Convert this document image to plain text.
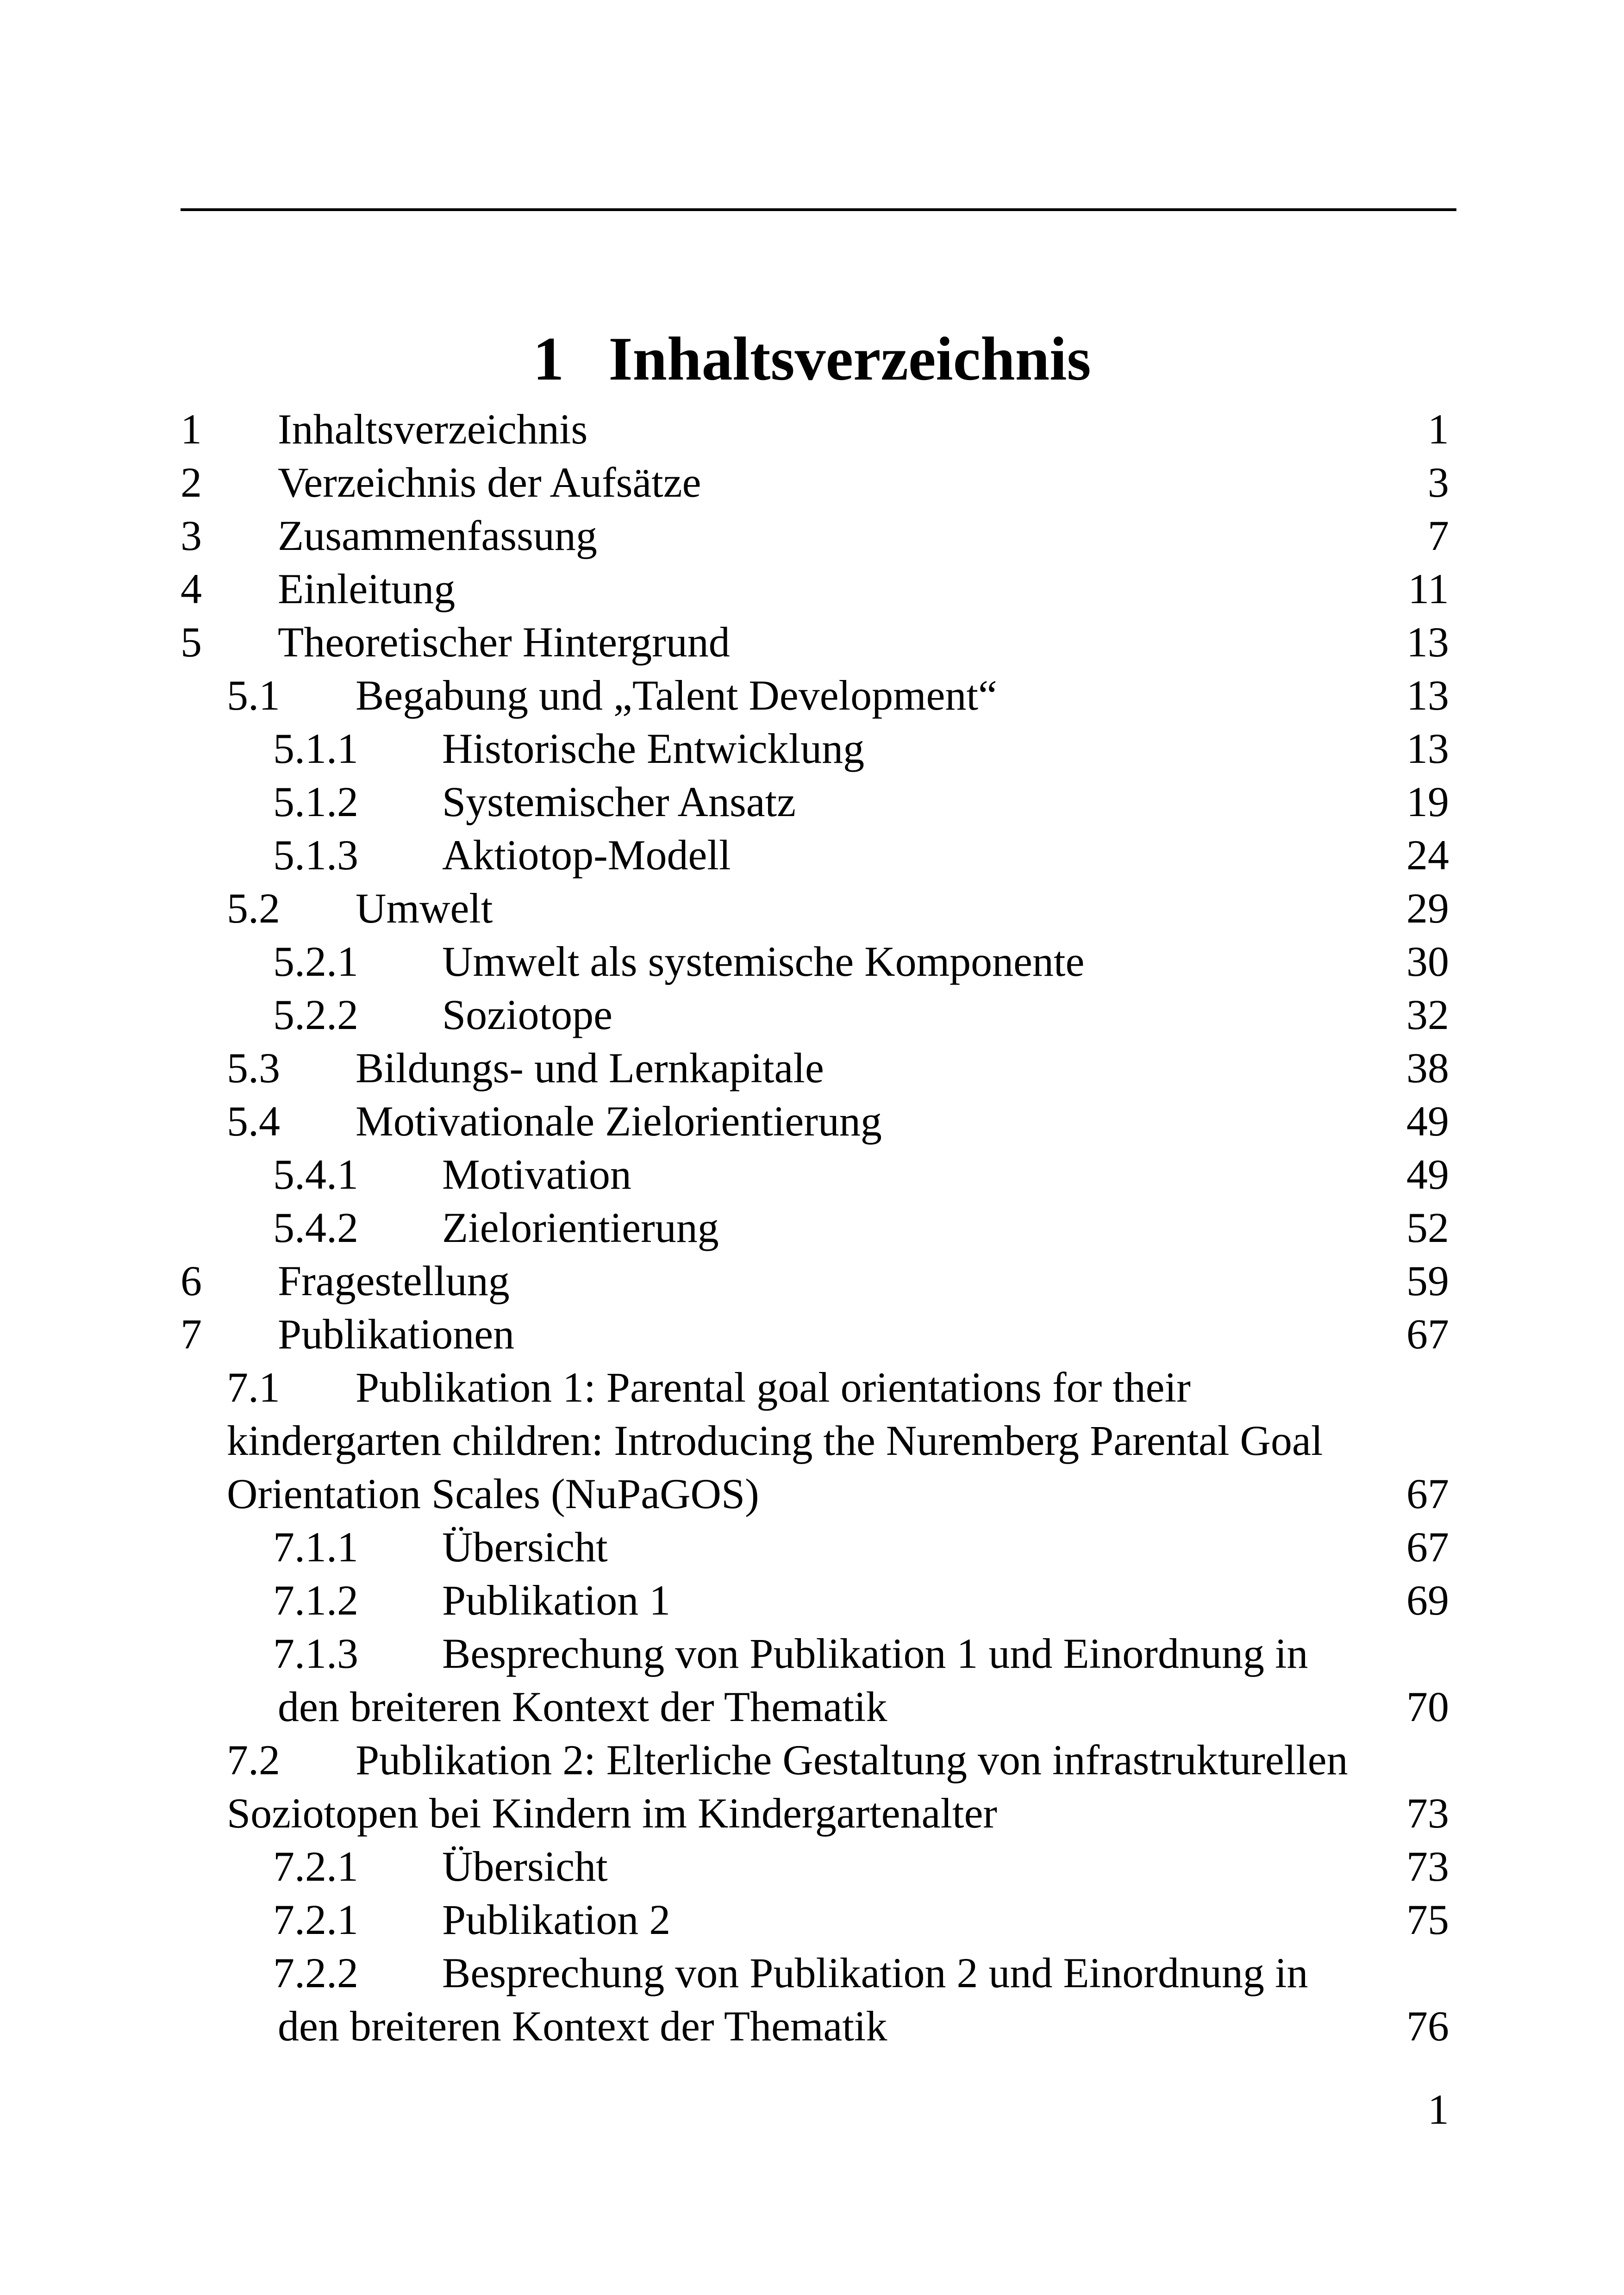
1 Inhaltsverzeichnis
1 Inhaltsverzeichnis	1
2 Verzeichnis der Aufsätze	3
3 Zusammenfassung	7
4 Einleitung	11
5 Theoretischer Hintergrund	13
5.1 Begabung und „Talent Development“	13
5.1.1 Historische Entwicklung	13
5.1.2 Systemischer Ansatz	19
5.1.3 Aktiotop-Modell	24
5.2 Umwelt	29
5.2.1 Umwelt als systemische Komponente	30
5.2.2 Soziotope	32
5.3 Bildungs- und Lernkapitale	38
5.4 Motivationale Zielorientierung	49
5.4.1 Motivation	49
5.4.2 Zielorientierung	52
6 Fragestellung	59
7 Publikationen	67
7.1 Publikation 1: Parental goal orientations for their
kindergarten children: Introducing the Nuremberg Parental Goal
Orientation Scales (NuPaGOS)	67
7.1.1 Übersicht	67
7.1.2 Publikation 1	69
7.1.3 Besprechung von Publikation 1 und Einordnung in
den breiteren Kontext der Thematik	70
7.2 Publikation 2: Elterliche Gestaltung von infrastrukturellen
Soziotopen bei Kindern im Kindergartenalter	73
7.2.1 Übersicht	73
7.2.1 Publikation 2	75
7.2.2 Besprechung von Publikation 2 und Einordnung in
den breiteren Kontext der Thematik	76
1
